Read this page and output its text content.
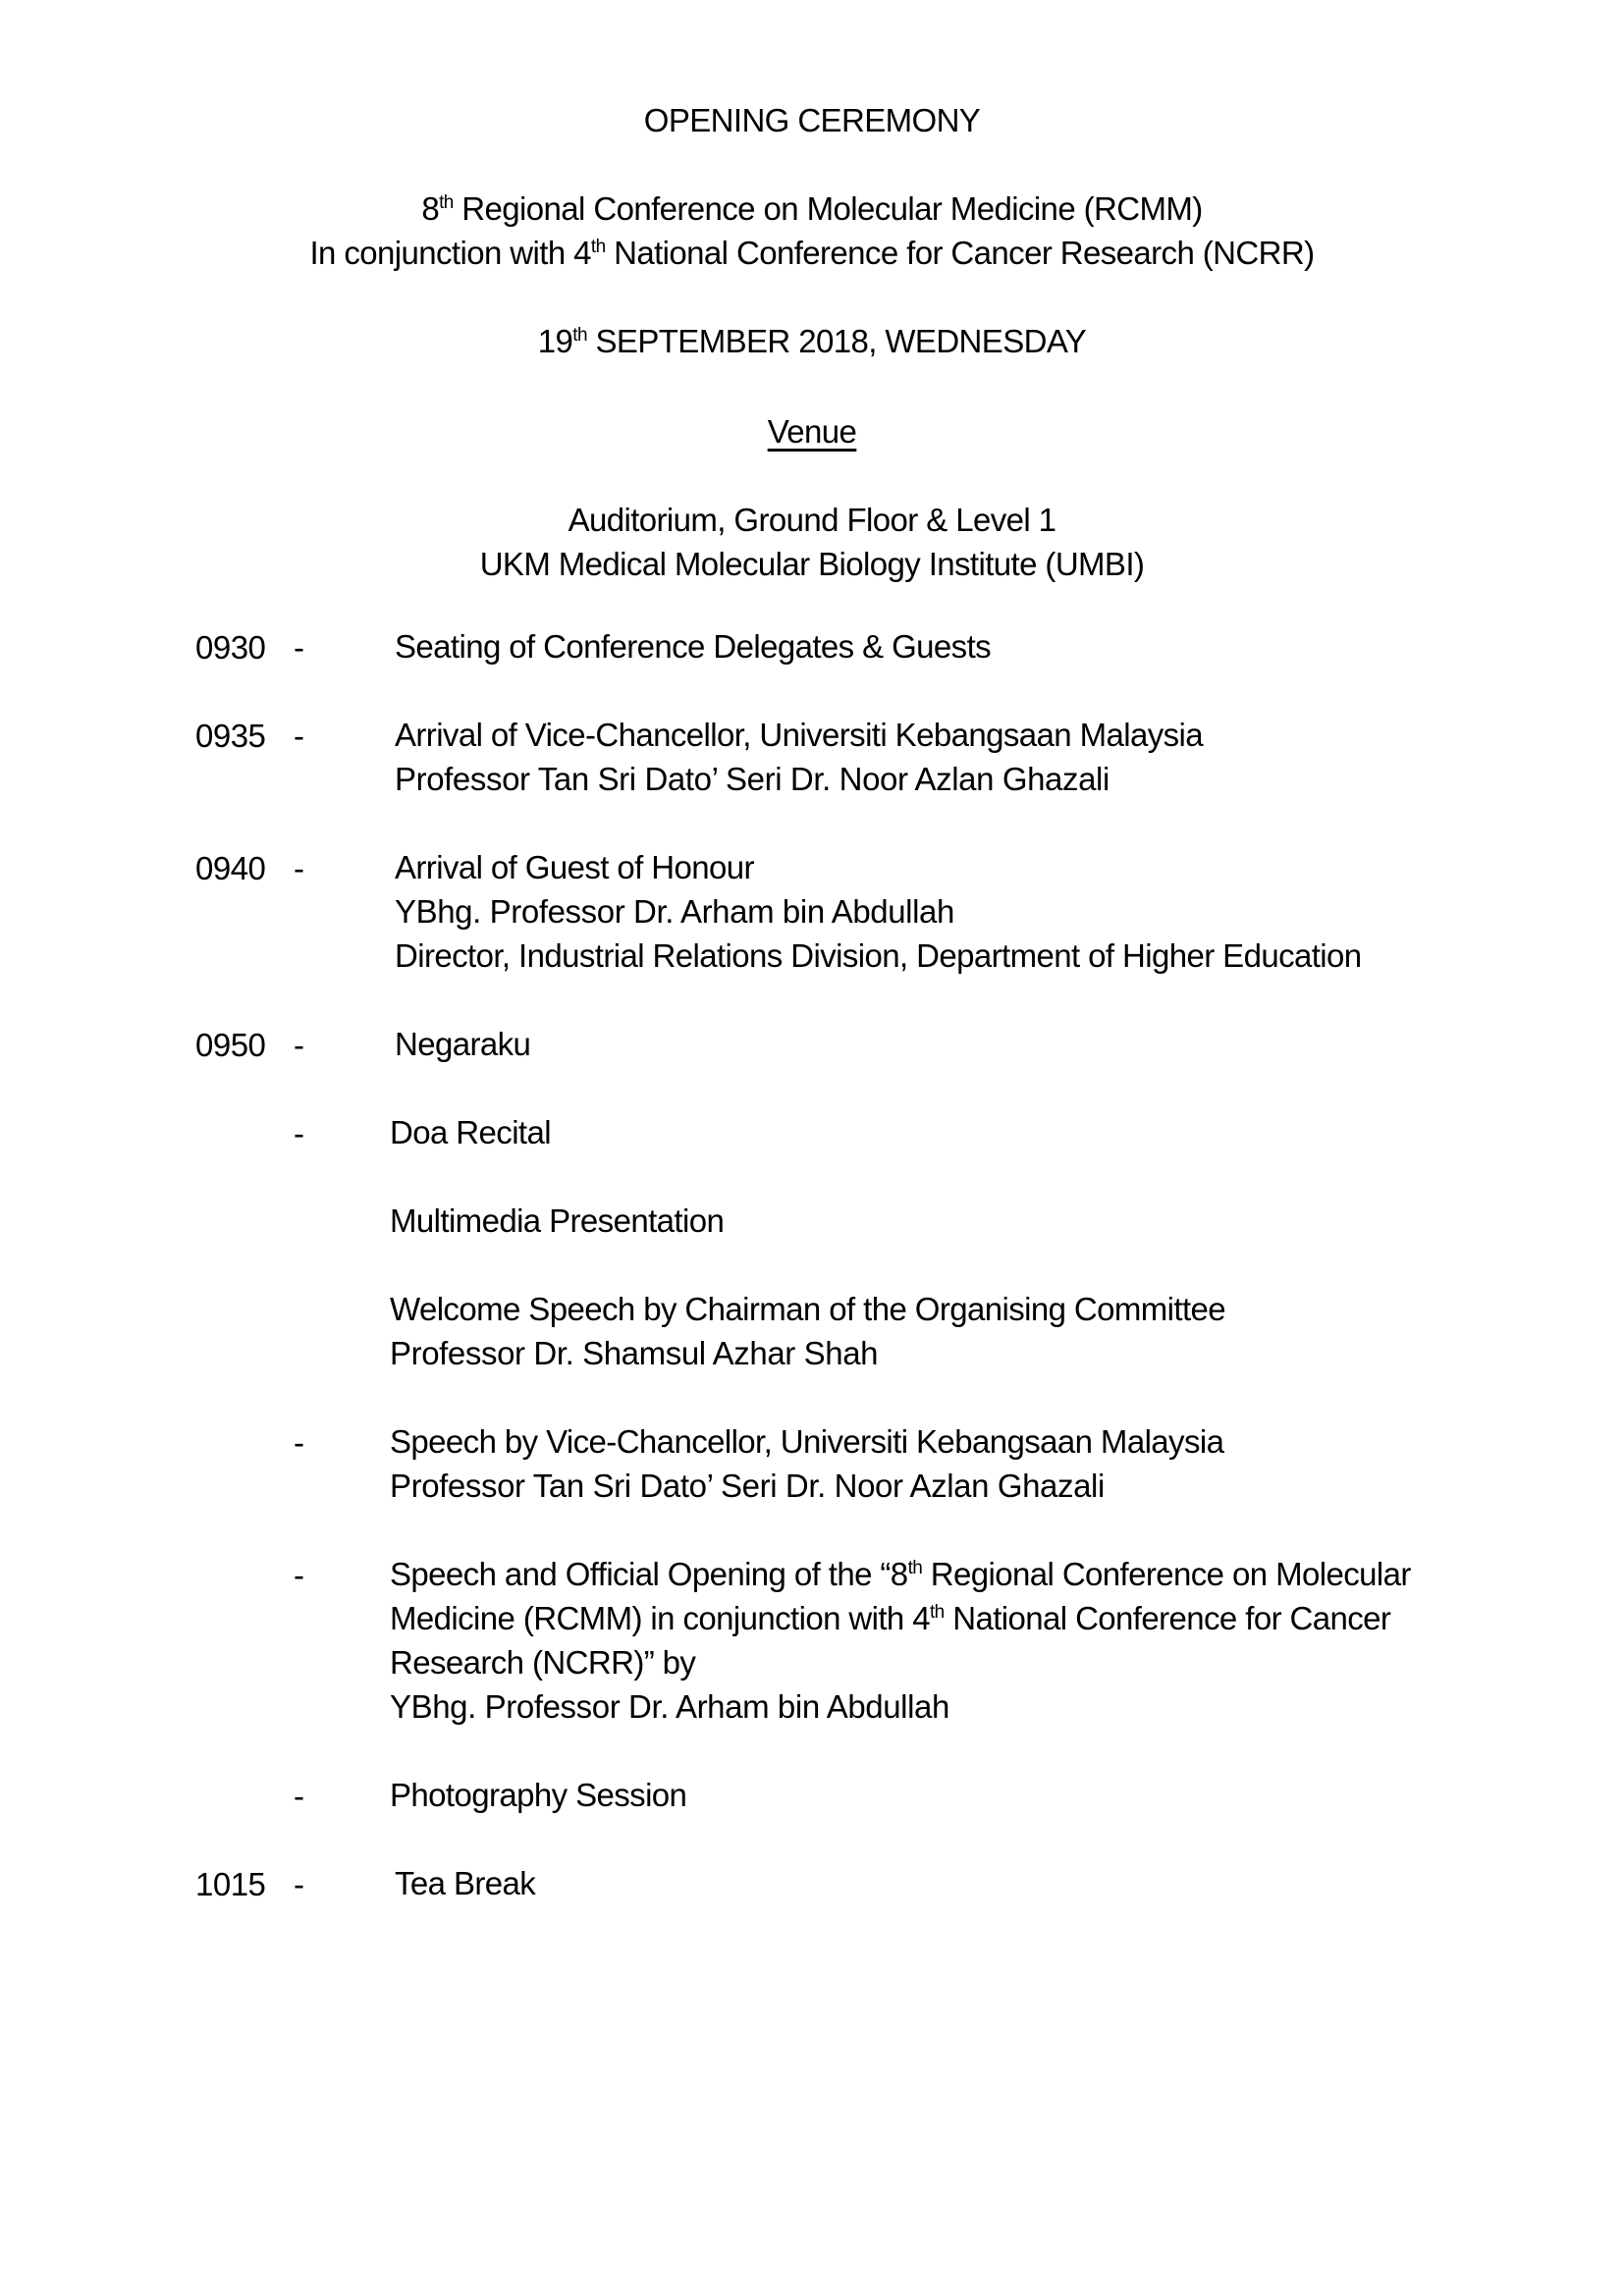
OPENING CEREMONY
8th Regional Conference on Molecular Medicine (RCMM)
In conjunction with 4th National Conference for Cancer Research (NCRR)
19th SEPTEMBER 2018, WEDNESDAY
Venue
Auditorium, Ground Floor & Level 1
UKM Medical Molecular Biology Institute (UMBI)
0930 -	Seating of Conference Delegates & Guests
0935 -	Arrival of Vice-Chancellor, Universiti Kebangsaan Malaysia
Professor Tan Sri Dato’ Seri Dr. Noor Azlan Ghazali
0940 -	Arrival of Guest of Honour
YBhg. Professor Dr. Arham bin Abdullah
Director, Industrial Relations Division, Department of Higher Education
0950 -	Negaraku
-	Doa Recital
Multimedia Presentation
Welcome Speech by Chairman of the Organising Committee
Professor Dr. Shamsul Azhar Shah
-	Speech by Vice-Chancellor, Universiti Kebangsaan Malaysia
Professor Tan Sri Dato’ Seri Dr. Noor Azlan Ghazali
-	Speech and Official Opening of the “8th Regional Conference on Molecular
Medicine (RCMM) in conjunction with 4th National Conference for Cancer
Research (NCRR)” by
YBhg. Professor Dr. Arham bin Abdullah
-	Photography Session
1015 -	Tea Break
